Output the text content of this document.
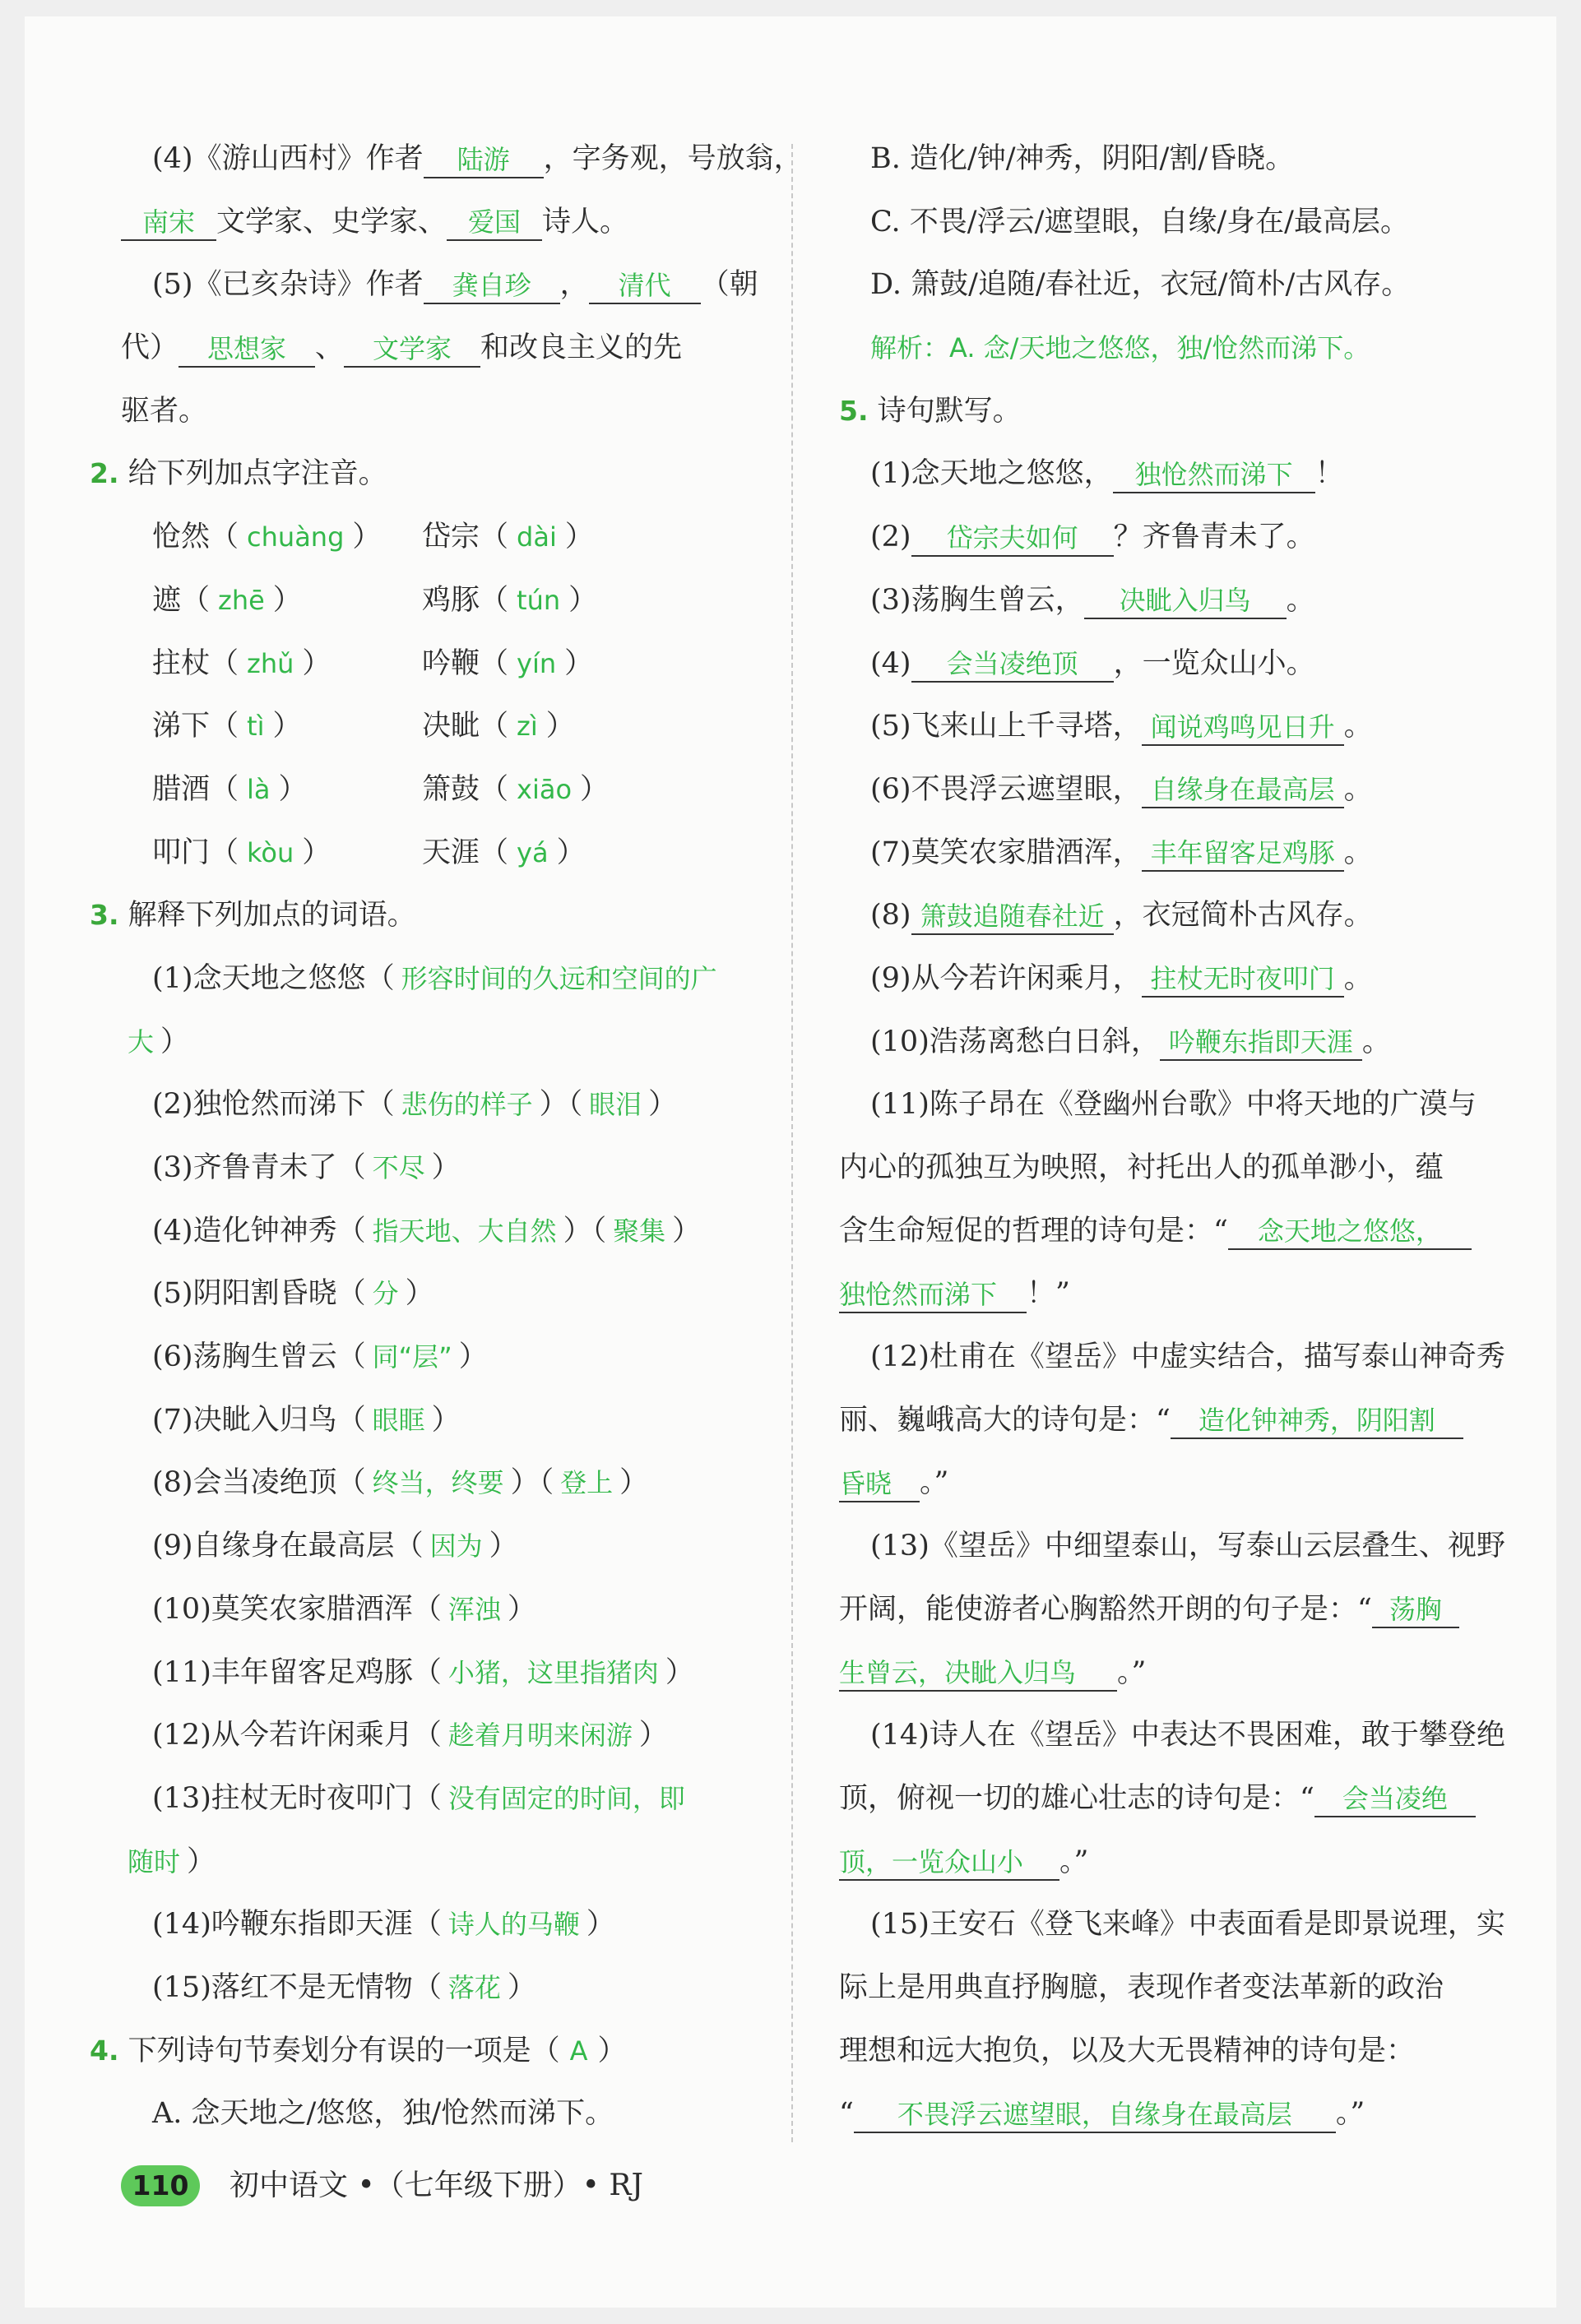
(4)《游山西村》作者 陆游 ，字务观，号放翁，
南宋 文学家、史学家、 爱国 诗人。
(5)《已亥杂诗》作者 龚自珍 ， 清代 （朝
代） 思想家 、 文学家 和改良主义的先
驱者。
2. 给下列加点字注音。
怆然（ chuàng ） 岱宗（ dài ）
遮（ zhē ）	鸡豚（ tún ）
拄杖（ zhǔ ）	吟鞭（ yín ）
涕下（ tì ）	决眦（ zì ）
腊酒（ là ）	箫鼓（ xiāo ）
叩门（ kòu ）	天涯（ yá ）
3. 解释下列加点的词语。
(1)念天地之悠悠（ 形容时间的久远和空间的广
大 ）
(2)独怆然而涕下（ 悲伤的样子 ）（ 眼泪 ）
(3)齐鲁青未了（ 不尽 ）
(4)造化钟神秀（ 指天地、大自然 ）（ 聚集 ）
(5)阴阳割昏晓（ 分 ）
(6)荡胸生曾云（ 同“层” ）
(7)决眦入归鸟（ 眼眶 ）
(8)会当凌绝顶（ 终当，终要 ）（ 登上 ）
(9)自缘身在最高层（ 因为 ）
(10)莫笑农家腊酒浑（ 浑浊 ）
(11)丰年留客足鸡豚（ 小猪，这里指猪肉 ）
(12)从今若许闲乘月（ 趁着月明来闲游 ）
(13)拄杖无时夜叩门（ 没有固定的时间，即
随时 ）
(14)吟鞭东指即天涯（ 诗人的马鞭 ）
(15)落红不是无情物（ 落花 ）
4. 下列诗句节奏划分有误的一项是（ A ）
A. 念天地之/悠悠，独/怆然而涕下。
B. 造化/钟/神秀，阴阳/割/昏晓。
C. 不畏/浮云/遮望眼，自缘/身在/最高层。
D. 箫鼓/追随/春社近，衣冠/简朴/古风存。
解析：A. 念/天地之悠悠，独/怆然而涕下。
5. 诗句默写。
(1)念天地之悠悠， 独怆然而涕下 ！
(2) 岱宗夫如何 ？齐鲁青未了。
(3)荡胸生曾云， 决眦入归鸟 。
(4) 会当凌绝顶 ，一览众山小。
(5)飞来山上千寻塔， 闻说鸡鸣见日升 。
(6)不畏浮云遮望眼， 自缘身在最高层 。
(7)莫笑农家腊酒浑， 丰年留客足鸡豚 。
(8) 箫鼓追随春社近 ，衣冠简朴古风存。
(9)从今若许闲乘月， 拄杖无时夜叩门 。
(10)浩荡离愁白日斜， 吟鞭东指即天涯 。
(11)陈子昂在《登幽州台歌》中将天地的广漠与
内心的孤独互为映照，衬托出人的孤单渺小，蕴
含生命短促的哲理的诗句是：“ 念天地之悠悠，
独怆然而涕下 ！”
(12)杜甫在《望岳》中虚实结合，描写泰山神奇秀
丽、巍峨高大的诗句是：“ 造化钟神秀，阴阳割
昏晓 。”
(13)《望岳》中细望泰山，写泰山云层叠生、视野
开阔，能使游者心胸豁然开朗的句子是：“ 荡胸
生曾云，决眦入归鸟 。”
(14)诗人在《望岳》中表达不畏困难，敢于攀登绝
顶，俯视一切的雄心壮志的诗句是：“ 会当凌绝
顶，一览众山小 。”
(15)王安石《登飞来峰》中表面看是即景说理，实
际上是用典直抒胸臆，表现作者变法革新的政治
理想和远大抱负，以及大无畏精神的诗句是：
“ 不畏浮云遮望眼，自缘身在最高层 。”
110 初中语文 •（七年级下册）• RJ
